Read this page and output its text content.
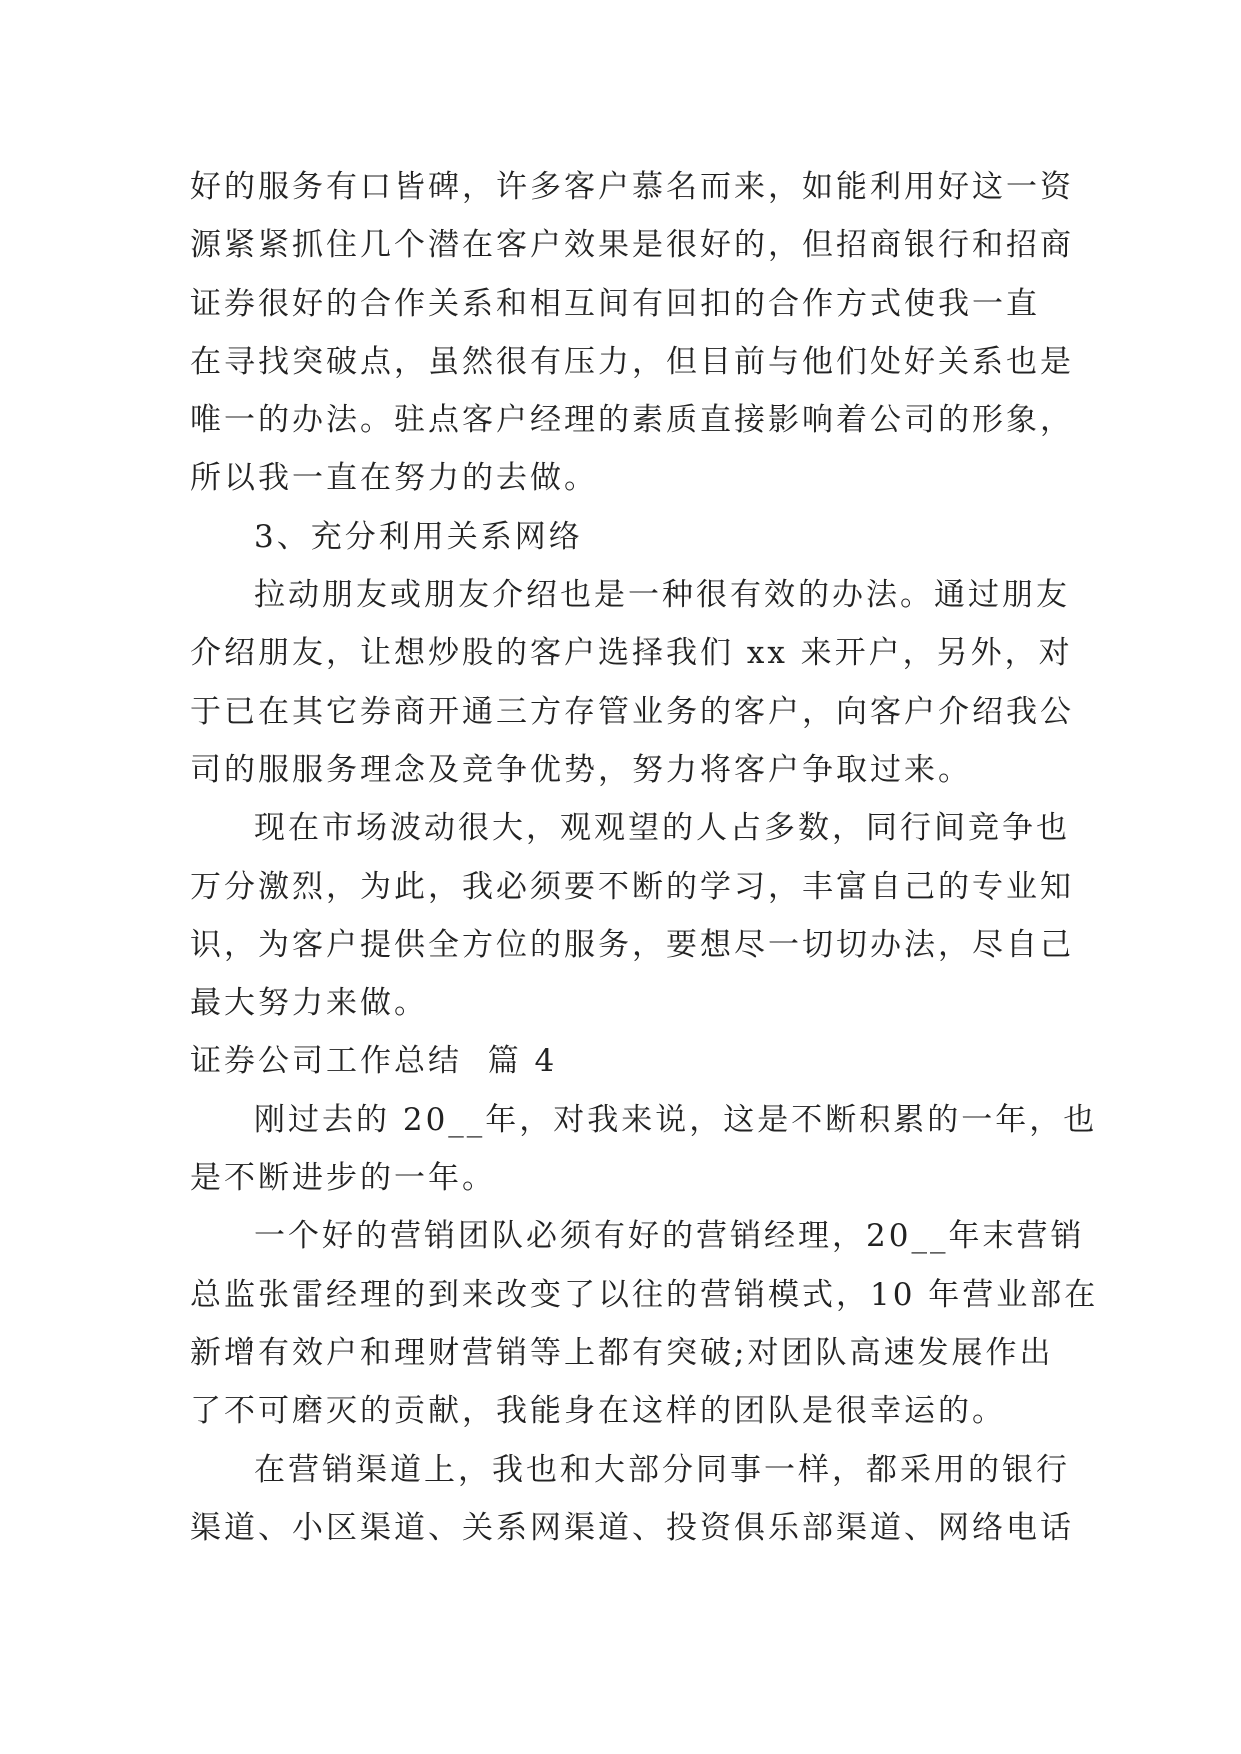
好的服务有口皆碑，许多客户慕名而来，如能利用好这一资
源紧紧抓住几个潜在客户效果是很好的，但招商银行和招商
证券很好的合作关系和相互间有回扣的合作方式使我一直
在寻找突破点，虽然很有压力，但目前与他们处好关系也是
唯一的办法。驻点客户经理的素质直接影响着公司的形象，
所以我一直在努力的去做。
3、充分利用关系网络
拉动朋友或朋友介绍也是一种很有效的办法。通过朋友
介绍朋友，让想炒股的客户选择我们 xx 来开户，另外，对
于已在其它券商开通三方存管业务的客户，向客户介绍我公
司的服服务理念及竞争优势，努力将客户争取过来。
现在市场波动很大，观观望的人占多数，同行间竞争也
万分激烈，为此，我必须要不断的学习，丰富自己的专业知
识，为客户提供全方位的服务，要想尽一切切办法，尽自己
最大努力来做。
证券公司工作总结  篇 4
刚过去的 20__年，对我来说，这是不断积累的一年，也
是不断进步的一年。
一个好的营销团队必须有好的营销经理，20__年末营销
总监张雷经理的到来改变了以往的营销模式，10 年营业部在
新增有效户和理财营销等上都有突破;对团队高速发展作出
了不可磨灭的贡献，我能身在这样的团队是很幸运的。
在营销渠道上，我也和大部分同事一样，都采用的银行
渠道、小区渠道、关系网渠道、投资俱乐部渠道、网络电话
